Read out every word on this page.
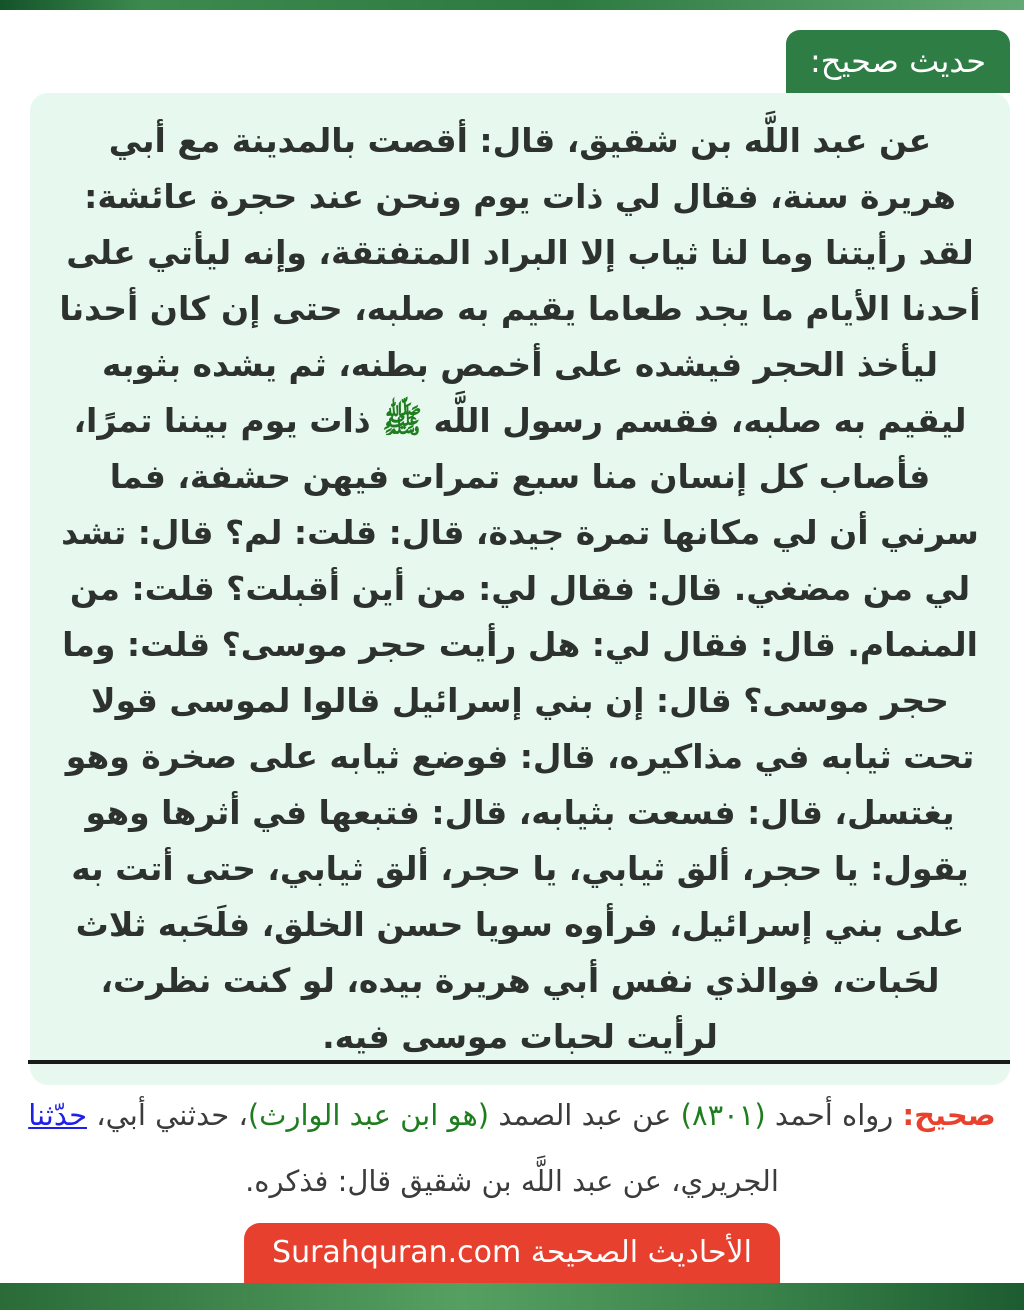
حديث صحيح:

عن عبد اللَّه بن شقيق، قال: أقصت بالمدينة مع أبي هريرة سنة، فقال لي ذات يوم ونحن عند حجرة عائشة: لقد رأيتنا وما لنا ثياب إلا البراد المتفتقة، وإنه ليأتي على أحدنا الأيام ما يجد طعاما يقيم به صلبه، حتى إن كان أحدنا ليأخذ الحجر فيشده على أخمص بطنه، ثم يشده بثوبه ليقيم به صلبه، فقسم رسول اللَّه ﷺ ذات يوم بيننا تمرًا، فأصاب كل إنسان منا سبع تمرات فيهن حشفة، فما سرني أن لي مكانها تمرة جيدة، قال: قلت: لم؟ قال: تشد لي من مضغي. قال: فقال لي: من أين أقبلت؟ قلت: من المنمام. قال: فقال لي: هل رأيت حجر موسى؟ قلت: وما حجر موسى؟ قال: إن بني إسرائيل قالوا لموسى قولا تحت ثيابه في مذاكيره، قال: فوضع ثيابه على صخرة وهو يغتسل، قال: فسعت بثيابه، قال: فتبعها في أثرها وهو يقول: يا حجر، ألق ثيابي، يا حجر، ألق ثيابي، حتى أتت به على بني إسرائيل، فرأوه سويا حسن الخلق، فلَحَبه ثلاث لحَبات، فوالذي نفس أبي هريرة بيده، لو كنت نظرت، لرأيت لحبات موسى فيه.

صحيح: رواه أحمد (٨٣٠١) عن عبد الصمد (هو ابن عبد الوارث)، حدثني أبي، حدّثنا الجريري، عن عبد اللَّه بن شقيق قال: فذكره.

الأحاديث الصحيحة Surahquran.com
